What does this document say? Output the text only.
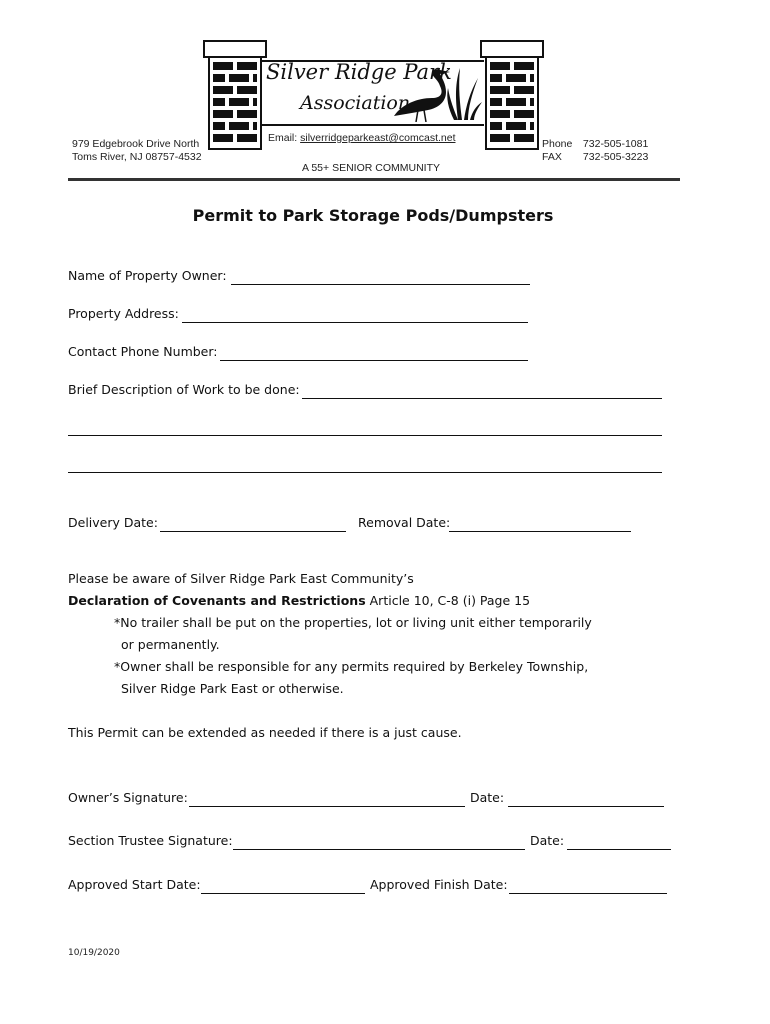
Silver Ridge Park
Association
979 Edgebrook Drive North
Toms River, NJ 08757-4532
Email: silverridgeparkeast@comcast.net	Phone 732-505-1081
FAX 732-505-3223
A 55+ SENIOR COMMUNITY
Permit to Park Storage Pods/Dumpsters
Name of Property Owner:
Property Address:
Contact Phone Number:
Brief Description of Work to be done:
Delivery Date:	Removal Date:
Please be aware of Silver Ridge Park East Community’s
Declaration of Covenants and Restrictions Article 10, C-8 (i) Page 15
*No trailer shall be put on the properties, lot or living unit either temporarily
or permanently.
*Owner shall be responsible for any permits required by Berkeley Township,
Silver Ridge Park East or otherwise.
This Permit can be extended as needed if there is a just cause.
Owner’s Signature:	Date:
Section Trustee Signature:	Date:
Approved Start Date:	Approved Finish Date:
10/19/2020
